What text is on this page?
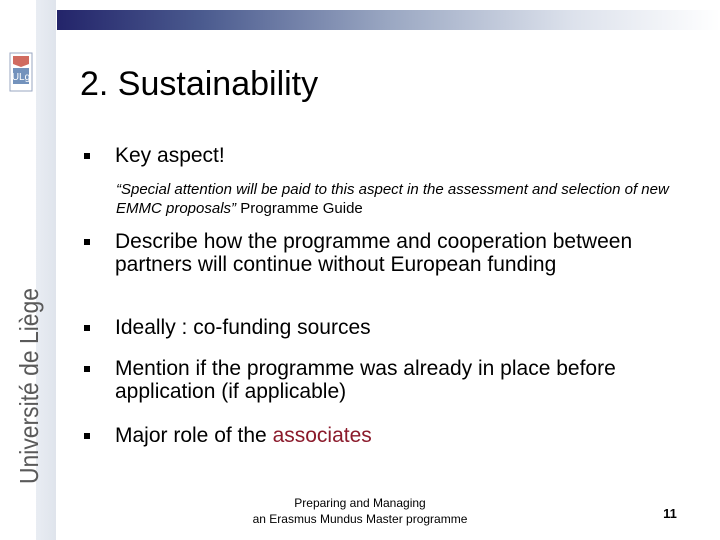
ULg
Université de Liège
2. Sustainability
Key aspect!
“Special attention will be paid to this aspect in the assessment and selection of new EMMC proposals” Programme Guide
Describe how the programme and cooperation between partners will continue without European funding
Ideally : co-funding sources
Mention if the programme was already in place before application (if applicable)
Major role of the associates
Preparing and Managing
an Erasmus Mundus Master programme	11
